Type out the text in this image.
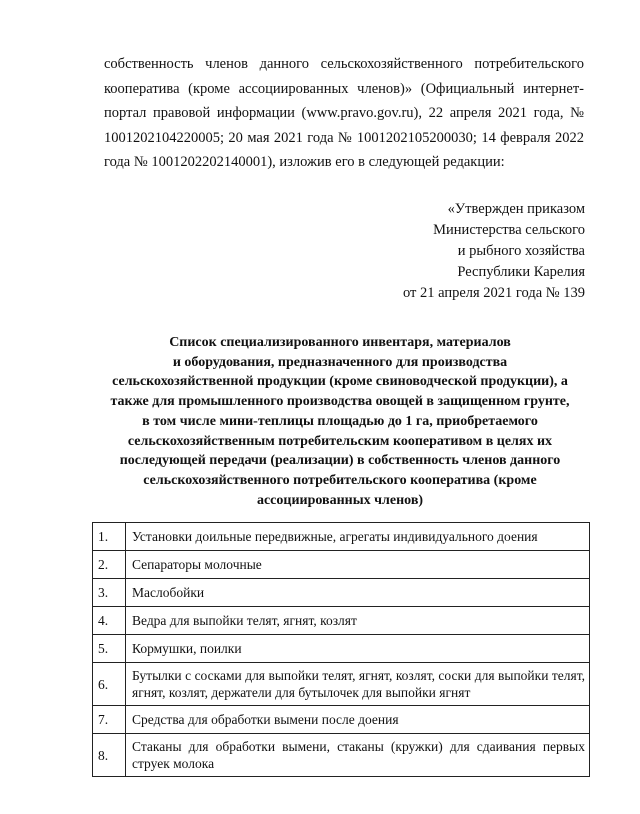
собственность членов данного сельскохозяйственного потребительского
кооператива (кроме ассоциированных членов)» (Официальный интернет-
портал правовой информации (www.pravo.gov.ru), 22 апреля 2021 года, №
1001202104220005; 20 мая 2021 года № 1001202105200030; 14 февраля 2022
года № 1001202202140001), изложив его в следующей редакции:
«Утвержден приказом
Министерства сельского
и рыбного хозяйства
Республики Карелия
от 21 апреля 2021 года № 139
Список специализированного инвентаря, материалов
и оборудования, предназначенного для производства
сельскохозяйственной продукции (кроме свиноводческой продукции), а
также для промышленного производства овощей в защищенном грунте,
в том числе мини-теплицы площадью до 1 га, приобретаемого
сельскохозяйственным потребительским кооперативом в целях их
последующей передачи (реализации) в собственность членов данного
сельскохозяйственного потребительского кооператива (кроме
ассоциированных членов)
1.	Установки доильные передвижные, агрегаты индивидуального доения
2.	Сепараторы молочные
3.	Маслобойки
4.	Ведра для выпойки телят, ягнят, козлят
5.	Кормушки, поилки
6.	Бутылки с сосками для выпойки телят, ягнят, козлят, соски для выпойки телят, ягнят, козлят, держатели для бутылочек для выпойки ягнят
7.	Средства для обработки вымени после доения
8.	Стаканы для обработки вымени, стаканы (кружки) для сдаивания первых струек молока
